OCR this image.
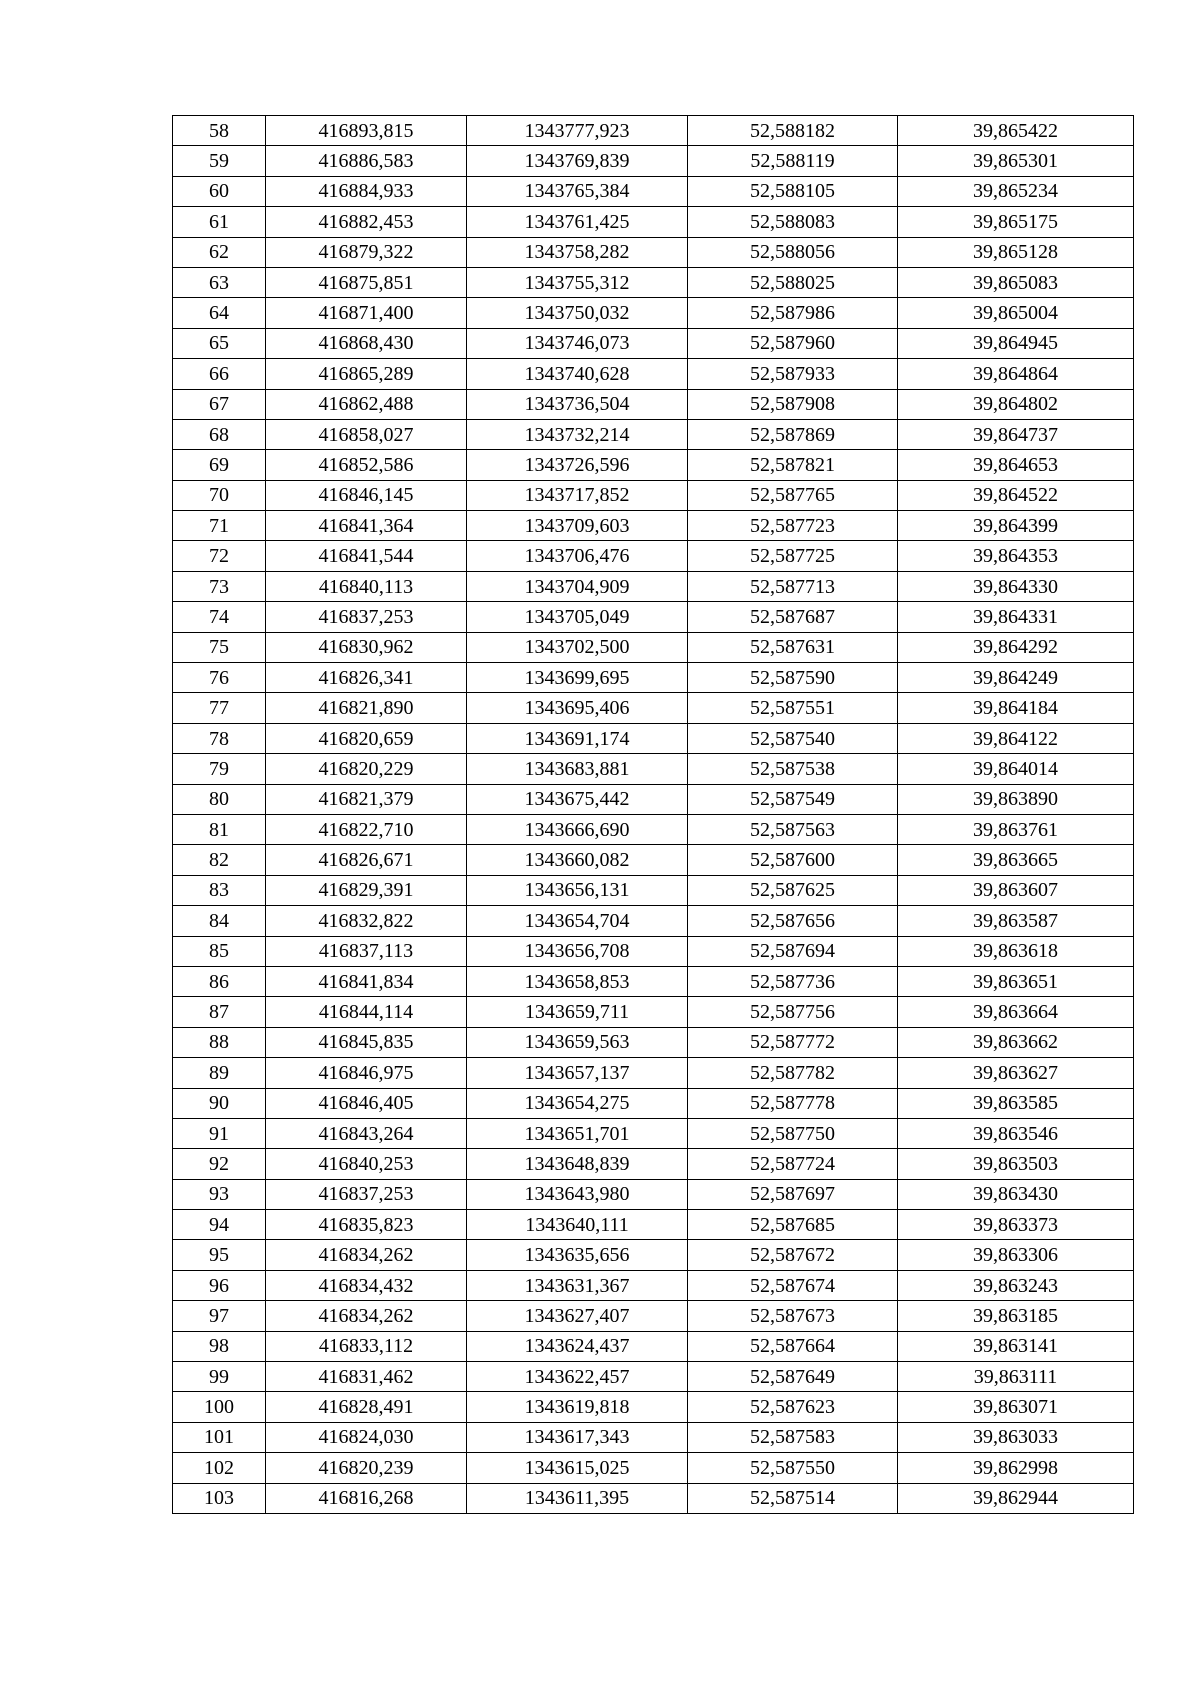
58	416893,815	1343777,923	52,588182	39,865422
59	416886,583	1343769,839	52,588119	39,865301
60	416884,933	1343765,384	52,588105	39,865234
61	416882,453	1343761,425	52,588083	39,865175
62	416879,322	1343758,282	52,588056	39,865128
63	416875,851	1343755,312	52,588025	39,865083
64	416871,400	1343750,032	52,587986	39,865004
65	416868,430	1343746,073	52,587960	39,864945
66	416865,289	1343740,628	52,587933	39,864864
67	416862,488	1343736,504	52,587908	39,864802
68	416858,027	1343732,214	52,587869	39,864737
69	416852,586	1343726,596	52,587821	39,864653
70	416846,145	1343717,852	52,587765	39,864522
71	416841,364	1343709,603	52,587723	39,864399
72	416841,544	1343706,476	52,587725	39,864353
73	416840,113	1343704,909	52,587713	39,864330
74	416837,253	1343705,049	52,587687	39,864331
75	416830,962	1343702,500	52,587631	39,864292
76	416826,341	1343699,695	52,587590	39,864249
77	416821,890	1343695,406	52,587551	39,864184
78	416820,659	1343691,174	52,587540	39,864122
79	416820,229	1343683,881	52,587538	39,864014
80	416821,379	1343675,442	52,587549	39,863890
81	416822,710	1343666,690	52,587563	39,863761
82	416826,671	1343660,082	52,587600	39,863665
83	416829,391	1343656,131	52,587625	39,863607
84	416832,822	1343654,704	52,587656	39,863587
85	416837,113	1343656,708	52,587694	39,863618
86	416841,834	1343658,853	52,587736	39,863651
87	416844,114	1343659,711	52,587756	39,863664
88	416845,835	1343659,563	52,587772	39,863662
89	416846,975	1343657,137	52,587782	39,863627
90	416846,405	1343654,275	52,587778	39,863585
91	416843,264	1343651,701	52,587750	39,863546
92	416840,253	1343648,839	52,587724	39,863503
93	416837,253	1343643,980	52,587697	39,863430
94	416835,823	1343640,111	52,587685	39,863373
95	416834,262	1343635,656	52,587672	39,863306
96	416834,432	1343631,367	52,587674	39,863243
97	416834,262	1343627,407	52,587673	39,863185
98	416833,112	1343624,437	52,587664	39,863141
99	416831,462	1343622,457	52,587649	39,863111
100	416828,491	1343619,818	52,587623	39,863071
101	416824,030	1343617,343	52,587583	39,863033
102	416820,239	1343615,025	52,587550	39,862998
103	416816,268	1343611,395	52,587514	39,862944
